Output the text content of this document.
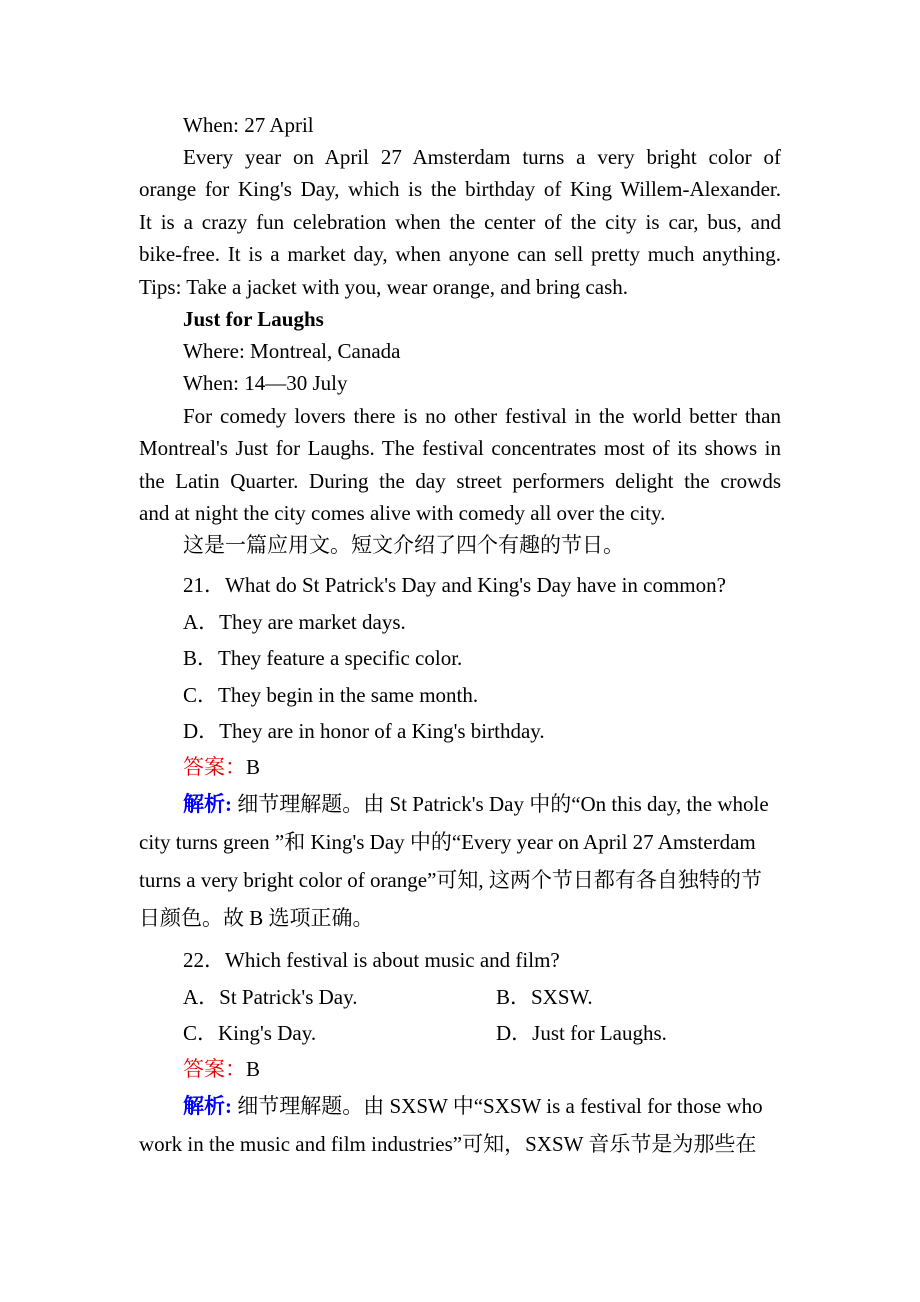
When: 27 April
Every year on April 27 Amsterdam turns a very bright color of
orange for King's Day, which is the birthday of King Willem-Alexander.
It is a crazy fun celebration when the center of the city is car, bus, and
bike-free. It is a market day, when anyone can sell pretty much anything.
Tips: Take a jacket with you, wear orange, and bring cash.
Just for Laughs
Where: Montreal, Canada
When: 14—30 July
For comedy lovers there is no other festival in the world better than
Montreal's Just for Laughs. The festival concentrates most of its shows in
the Latin Quarter. During the day street performers delight the crowds
and at night the city comes alive with comedy all over the city.
这是一篇应用文。短文介绍了四个有趣的节日。
21．What do St Patrick's Day and King's Day have in common?
A．They are market days.
B．They feature a specific color.
C．They begin in the same month.
D．They are in honor of a King's birthday.
答案：B
解析: 细节理解题。由 St Patrick's Day 中的“On this day, the whole
city turns green ”和 King's Day 中的“Every year on April 27 Amsterdam
turns a very bright color of orange”可知, 这两个节日都有各自独特的节
日颜色。故 B 选项正确。
22．Which festival is about music and film?
A．St Patrick's Day.	B．SXSW.
C．King's Day.	D．Just for Laughs.
答案：B
解析: 细节理解题。由 SXSW 中“SXSW is a festival for those who
work in the music and film industries”可知，SXSW 音乐节是为那些在
